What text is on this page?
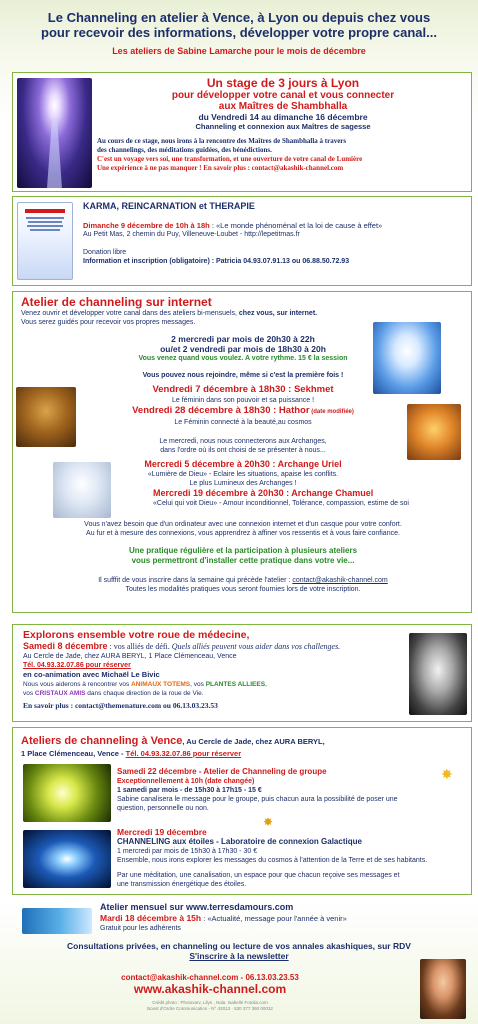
Le Channeling en atelier à Vence, à Lyon ou depuis chez vous
pour recevoir des informations, développer votre propre canal...
Les ateliers de Sabine Lamarche pour le mois de décembre
Un stage de 3 jours à Lyon
pour développer votre canal et vous connecter
aux Maîtres de Shambhalla
du Vendredi 14 au dimanche 16 décembre
Channeling et connexion aux Maîtres de sagesse
Au cours de ce stage, nous irons à la rencontre des Maîtres de Shambhalla à travers
des channelings, des méditations guidées, des bénédictions.
C'est un voyage vers soi, une transformation, et une ouverture de votre canal de Lumière
Une expérience à ne pas manquer ! En savoir plus : contact@akashik-channel.com
KARMA, REINCARNATION et THERAPIE
Dimanche 9 décembre de 10h à 18h : «Le monde phénoménal et la loi de cause à effet»
Au Petit Mas, 2 chemin du Puy, Villeneuve-Loubet - http://lepetitmas.fr
Donation libre
Information et inscription (obligatoire) : Patricia 04.93.07.91.13 ou 06.88.50.72.93
Atelier de channeling sur internet
Venez ouvrir et développer votre canal dans des ateliers bi-mensuels, chez vous, sur internet.
Vous serez guidés pour recevoir vos propres messages.
2 mercredi par mois de 20h30 à 22h
ou/et 2 vendredi par mois de 18h30 à 20h
Vous venez quand vous voulez. A votre rythme. 15 € la session
Vous pouvez nous rejoindre, même si c'est la première fois !
Vendredi 7 décembre à 18h30 : Sekhmet
Le féminin dans son pouvoir et sa puissance !
Vendredi 28 décembre à 18h30 : Hathor (date modifiée)
Le Féminin connecté à la beauté,au cosmos
Le mercredi, nous nous connecterons aux Archanges,
dans l'ordre où ils ont choisi de se présenter à nous...
Mercredi 5 décembre à 20h30 : Archange Uriel
«Lumière de Dieu» - Eclaire les situations, apaise les conflits.
Le plus Lumineux des Archanges !
Mercredi 19 décembre à 20h30 : Archange Chamuel
«Celui qui voit Dieu» - Amour inconditionnel, Tolérance, compassion, estime de soi
Vous n'avez besoin que d'un ordinateur avec une connexion internet et d'un casque pour votre confort.
Au fur et à mesure des connexions, vous apprendrez à affiner vos ressentis et à vous faire confiance.
Une pratique régulière et la participation à plusieurs ateliers
vous permettront d'installer cette pratique dans votre vie...
Il sufffit de vous inscrire dans la semaine qui précède l'atelier : contact@akashik-channel.com
Toutes les modalités pratiques vous seront fournies lors de votre inscription.
Explorons ensemble votre roue de médecine,
Samedi 8 décembre : vos alliés de défi. Quels alliés peuvent vous aider dans vos challenges.
Au Cercle de Jade, chez AURA BERYL, 1 Place Clémenceau, Vence
Tél. 04.93.32.07.86 pour réserver
en co-animation avec Michaël Le Bivic
Nous vous aiderons à rencontrer vos ANIMAUX TOTEMS, vos PLANTES ALLIEES,
vos CRISTAUX AMIS dans chaque direction de la roue de Vie.
En savoir plus : contact@themenature.com ou 06.13.03.23.53
Ateliers de channeling à Vence, Au Cercle de Jade, chez AURA BERYL,
1 Place Clémenceau, Vence - Tél. 04.93.32.07.86 pour réserver
✸
✸
Samedi 22 décembre - Atelier de Channeling de groupe
Exceptionnellement à 10h (date changée)
1 samedi par mois - de 15h30 à 17h15 - 15 €
Sabine canalisera le message pour le groupe, puis chacun aura la possibilité de poser une
question, personnelle ou non.
Mercredi 19 décembre
CHANNELING aux étoiles - Laboratoire de connexion Galactique
1 mercredi par mois de 15h30 à 17h30 - 30 €
Ensemble, nous irons explorer les messages du cosmos à l'attention de la Terre et de ses habitants.
Par une méditation, une canalisation, un espace pour que chacun reçoive ses messages et
une transmission énergétique des étoiles.
Atelier mensuel sur www.terresdamours.com
Mardi 18 décembre à 15h : «Actualité, message pour l'année à venir»
Gratuit pour les adhérents
Consultations privées, en channeling ou lecture de vos annales akashiques, sur RDV
S'inscrire à la newsletter
contact@akashik-channel.com - 06.13.03.23.53
www.akashik-channel.com
Crédit photo : Photoxarv, Lilyn , Nala. Isabelle Fotolia.com
Boost d'Ordre Communication - N° 43013 · 530 377 360 00032
